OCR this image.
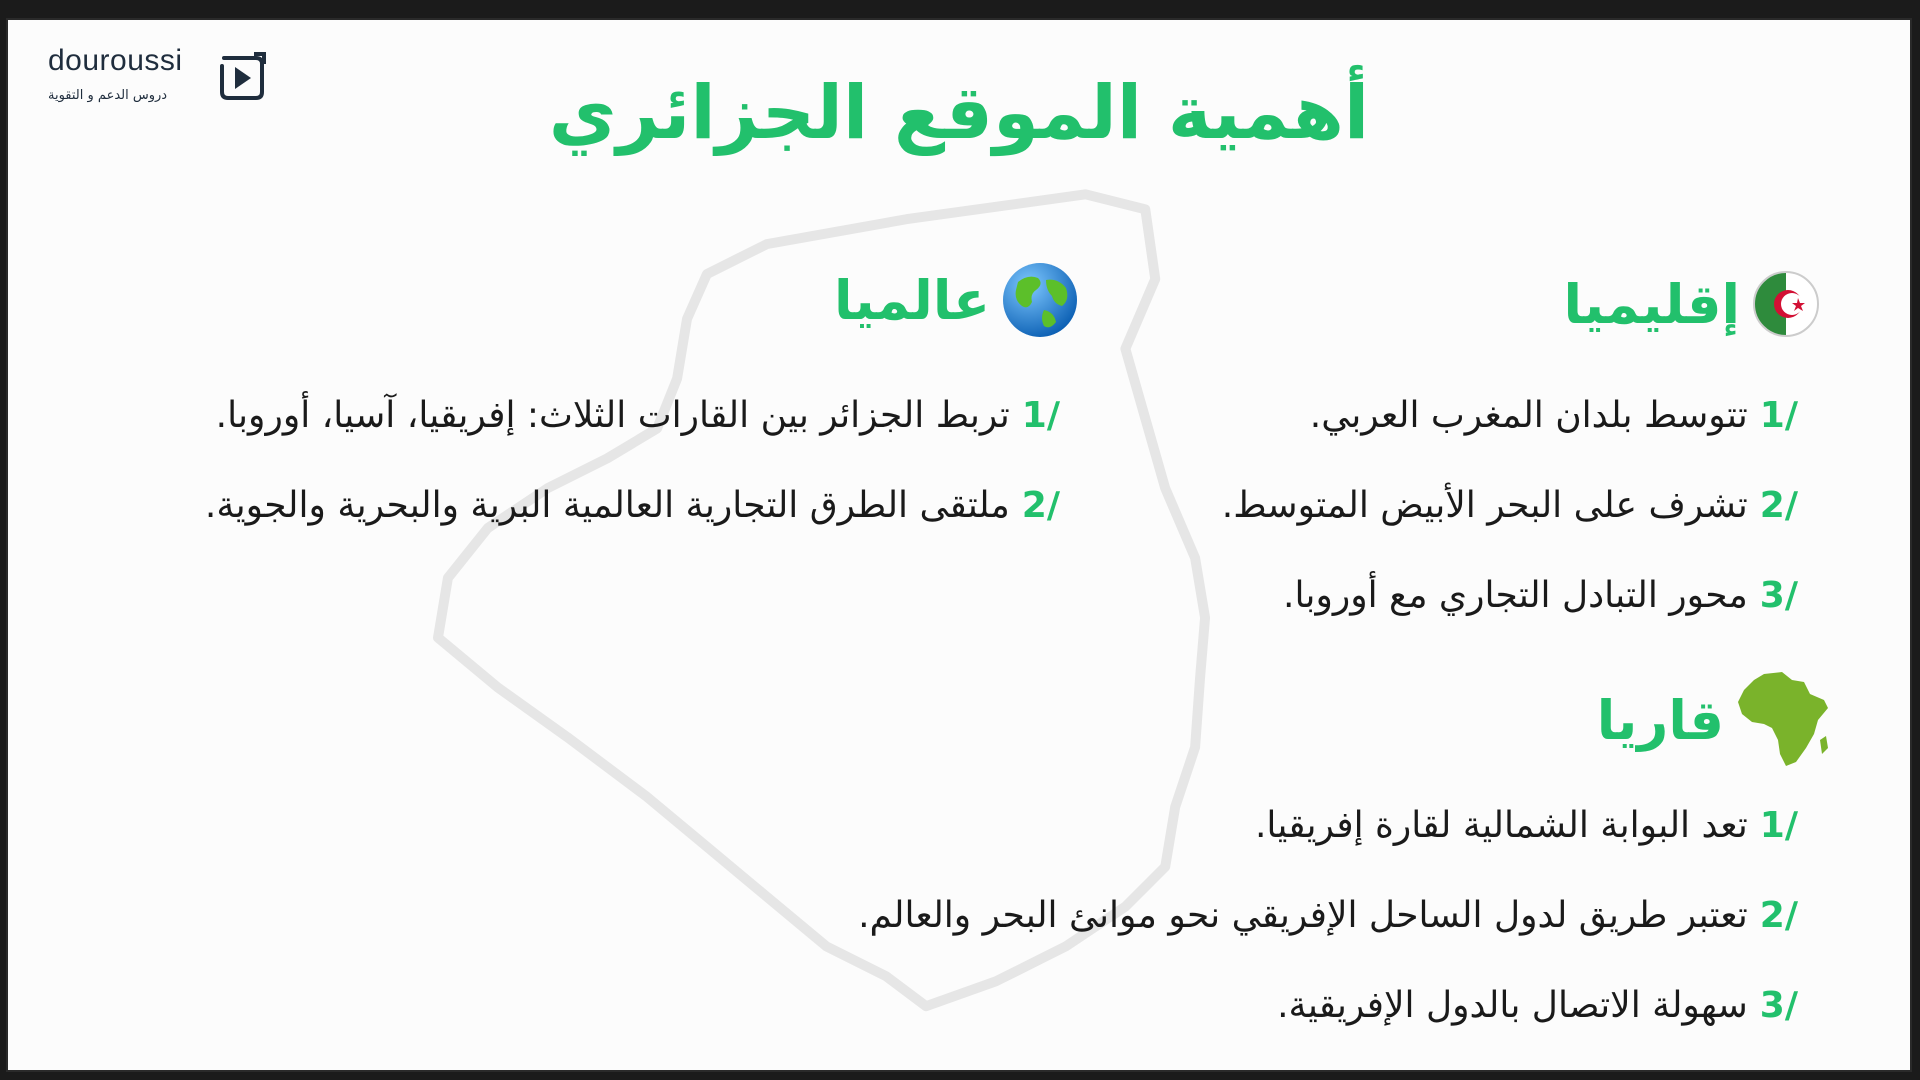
douroussi
دروس الدعم و التقوية	أهمية الموقع الجزائري
إقليميا
/1
تتوسط بلدان المغرب العربي.
/2
تشرف على البحر الأبيض المتوسط.
/3
محور التبادل التجاري مع أوروبا.
عالميا
/1
تربط الجزائر بين القارات الثلاث: إفريقيا، آسيا، أوروبا.
/2
ملتقى الطرق التجارية العالمية البرية والبحرية والجوية.
قاريا
/1
تعد البوابة الشمالية لقارة إفريقيا.
/2
تعتبر طريق لدول الساحل الإفريقي نحو موانئ البحر والعالم.
/3
سهولة الاتصال بالدول الإفريقية.
